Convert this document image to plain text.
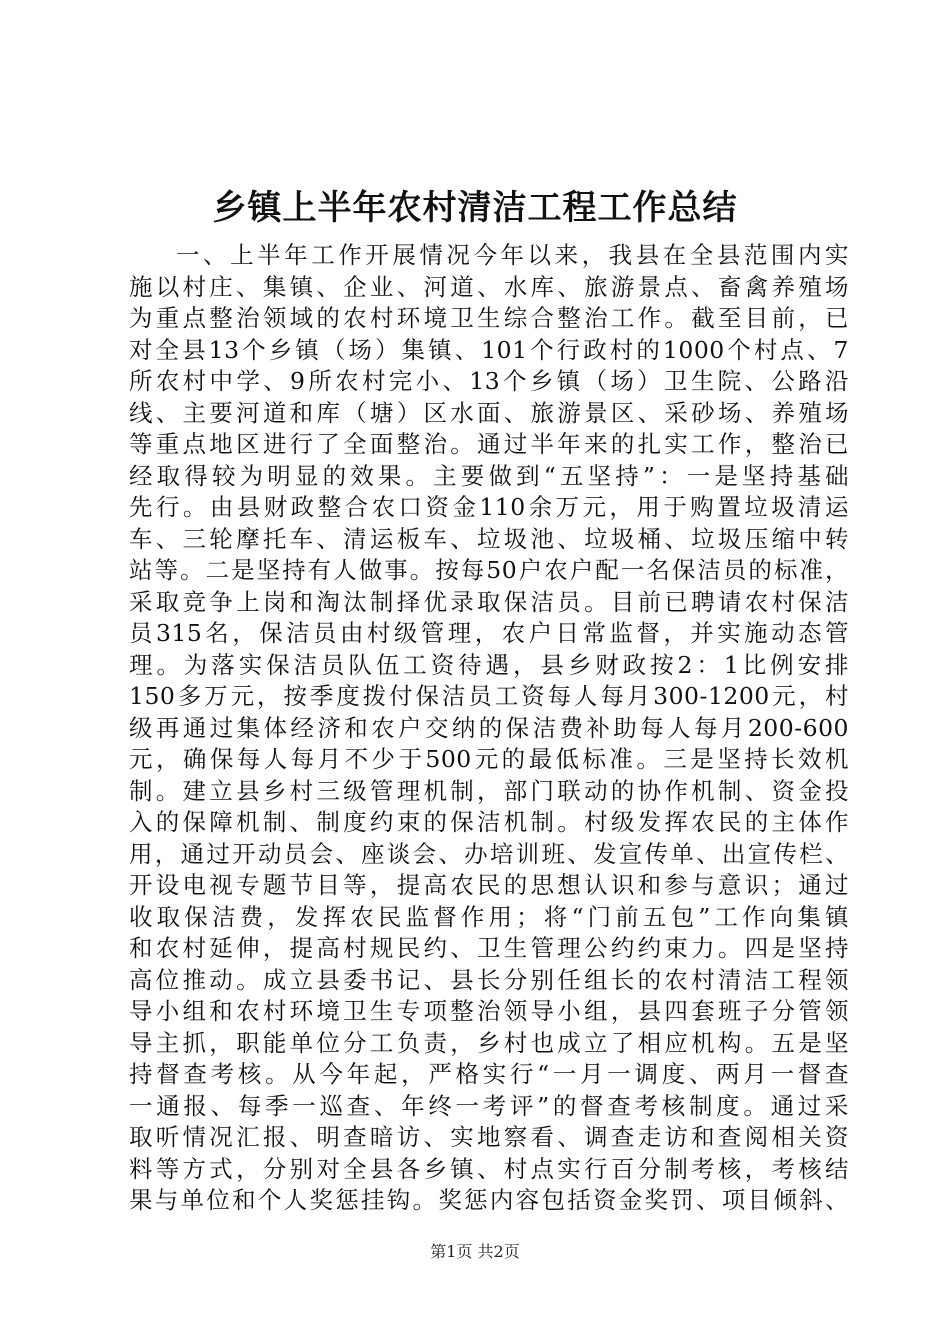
乡镇上半年农村清洁工程工作总结
一、上半年工作开展情况今年以来，我县在全县范围内实
施以村庄、集镇、企业、河道、水库、旅游景点、畜禽养殖场
为重点整治领域的农村环境卫生综合整治工作。截至目前，已
对全县13个乡镇（场）集镇、101个行政村的1000个村点、7
所农村中学、9所农村完小、13个乡镇（场）卫生院、公路沿
线、主要河道和库（塘）区水面、旅游景区、采砂场、养殖场
等重点地区进行了全面整治。通过半年来的扎实工作，整治已
经取得较为明显的效果。主要做到“五坚持”：一是坚持基础
先行。由县财政整合农口资金110余万元，用于购置垃圾清运
车、三轮摩托车、清运板车、垃圾池、垃圾桶、垃圾压缩中转
站等。二是坚持有人做事。按每50户农户配一名保洁员的标准，
采取竞争上岗和淘汰制择优录取保洁员。目前已聘请农村保洁
员315名，保洁员由村级管理，农户日常监督，并实施动态管
理。为落实保洁员队伍工资待遇，县乡财政按2：1比例安排
150多万元，按季度拨付保洁员工资每人每月300-1200元，村
级再通过集体经济和农户交纳的保洁费补助每人每月200-600
元，确保每人每月不少于500元的最低标准。三是坚持长效机
制。建立县乡村三级管理机制，部门联动的协作机制、资金投
入的保障机制、制度约束的保洁机制。村级发挥农民的主体作
用，通过开动员会、座谈会、办培训班、发宣传单、出宣传栏、
开设电视专题节目等，提高农民的思想认识和参与意识；通过
收取保洁费，发挥农民监督作用；将“门前五包”工作向集镇
和农村延伸，提高村规民约、卫生管理公约约束力。四是坚持
高位推动。成立县委书记、县长分别任组长的农村清洁工程领
导小组和农村环境卫生专项整治领导小组，县四套班子分管领
导主抓，职能单位分工负责，乡村也成立了相应机构。五是坚
持督查考核。从今年起，严格实行“一月一调度、两月一督查
一通报、每季一巡查、年终一考评”的督查考核制度。通过采
取听情况汇报、明查暗访、实地察看、调查走访和查阅相关资
料等方式，分别对全县各乡镇、村点实行百分制考核，考核结
果与单位和个人奖惩挂钩。奖惩内容包括资金奖罚、项目倾斜、
第1页 共2页
